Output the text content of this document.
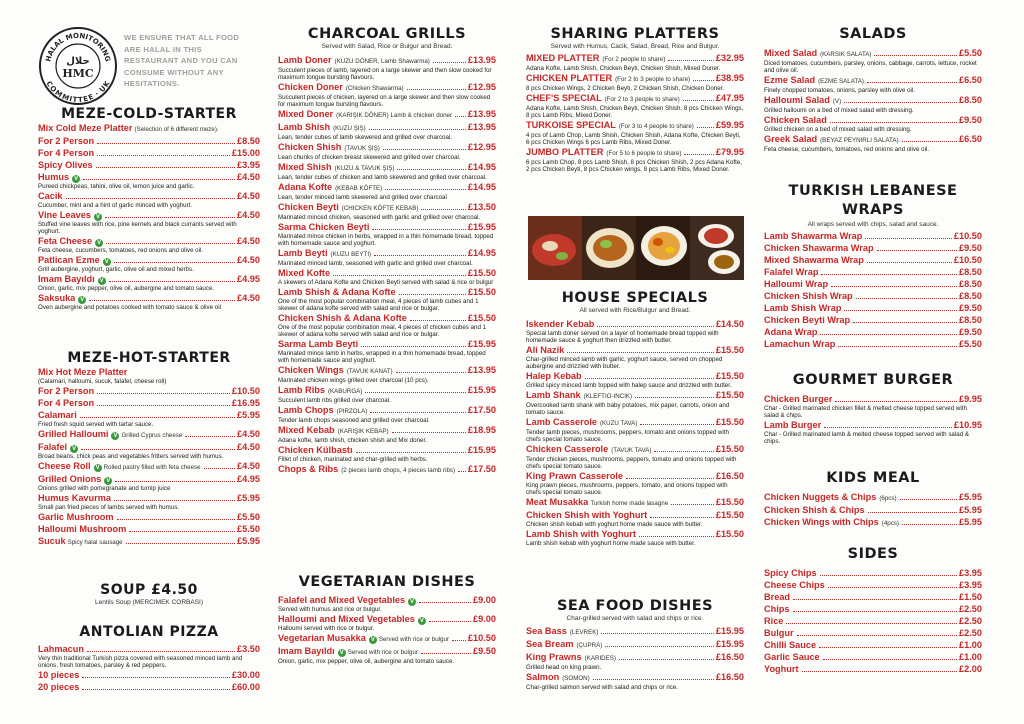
HALAL MONITORING
COMMITTEE · UK
حلال
HMC
WE ENSURE THAT ALL FOOD ARE HALAL IN THIS RESTAURANT AND YOU CAN CONSUME WITHOUT ANY HESITATIONS.
MEZE-COLD-STARTER
Mix Cold Meze Platter (Selection of 6 different meze).
For 2 Person	£8.50
For 4 Person	£15.00
Spicy Olives	£3.95
Humus V	£4.50
Pureed chickpeas, tahini, olive oil, lemon juice and garlic.
Cacik	£4.50
Cucumber, mint and a hint of garlic minced with yoghurt.
Vine Leaves V	£4.50
Stuffed vine leaves with rice, pine kernels and black currants served with yoghurt.
Feta Cheese V	£4.50
Feta cheese, cucumbers, tomatoes, red onions and olive oil.
Patlican Ezme V	£4.50
Grill aubergine, yoghurt, garlic, olive oil and mixed herbs.
Imam Bayıldı V	£4.95
Onion, garlic, mix pepper, olive oil, aubergine and tomato sauce.
Saksuka V	£4.50
Oven aubergine and potatoes cooked with tomato sauce & olive oil
MEZE-HOT-STARTER
Mix Hot Meze Platter
(Calamari, halloumi, sucuk, falafel, cheese roll)
For 2 Person	£10.50
For 4 Person	£16.95
Calamari	£5.95
Fried fresh squid served with tartar sauce.
Grilled Halloumi V Grilled Cyprus cheese	£4.50
Falafel V	£4.50
Broad beans, chick peas and vegetables fritters served with humus.
Cheese Roll V Rolled pastry filled with feta cheese	£4.50
Grilled Onions V	£4.95
Onions grilled with pomegranate and turnip juice
Humus Kavurma	£5.95
Small pan fried pieces of lambs served with humus.
Garlic Mushroom	£5.50
Halloumi Mushroom	£5.50
Sucuk Spicy halal sausage	£5.95
SOUP £4.50
Lentils Soup (MERCIMEK CORBASI)
ANTOLIAN PIZZA
Lahmacun	£3.50
Very thin traditional Turkish pizza covered with seasoned minced lamb and onions, fresh tomatoes, parsley & red peppers.
10 pieces	£30.00
20 pieces	£60.00
CHARCOAL GRILLS
Served with Salad, Rice or Bulgur and Bread.
Lamb Doner (KUZU DÖNER, Lamb Shawarma)	£13.95
Succulent pieces of lamb, layered on a large skewer and then slow cooked for maximum tongue bursting flavours.
Chicken Doner (Chicken Shawarma)	£12.95
Succulent pieces of chicken, layered on a large skewer and then slow cooked for maximum tongue bursting flavours.
Mixed Doner (KARIŞIK DÖNER) Lamb & chicken doner £13.95
Lamb Shish (KUZU ŞIŞ)	£13.95
Lean, tender cubes of lamb skewered and grilled over charcoal.
Chicken Shish (TAVUK ŞIŞ)	£12.95
Lean chunks of chicken breast skewered and grilled over charcoal.
Mixed Shish (KUZU & TAVUK ŞIŞ)	£14.95
Lean, tender cubes of chicken and lamb skewered and grilled over charcoal.
Adana Kofte (KEBAB KÖFTE)	£14.95
Lean, tender minced lamb skewered and grilled over charcoal
Chicken Beyti (CHICKEN KÖFTE KEBAB)	£13.50
Marinated minced chicken, seasoned with garlic and grilled over charcoal.
Sarma Chicken Beyti	£15.95
Marinated mince chicken in herbs, wrapped in a thin homemade bread, topped with homemade sauce and yoghurt.
Lamb Beyti (KUZU BEYTI)	£14.95
Marinated minced lamb, seasoned with garlic and grilled over charcoal.
Mixed Kofte	£15.50
A skewers of Adana Kofte and Chicken Beyti served with salad & rice or bulgur
Lamb Shish & Adana Kofte	£15.50
One of the most popular combination meal, 4 pieces of lamb cubes and 1 skewer of adana kofte served with salad and rice or bulgar.
Chicken Shish & Adana Kofte	£15.50
One of the most popular combination meal, 4 pieces of chicken cubes and 1 skewer of adana kofte served with salad and rice or bulgar.
Sarma Lamb Beyti	£15.95
Marinated mince lamb in herbs, wrapped in a thin homemade bread, topped with homemade sauce and yoghurt.
Chicken Wings (TAVUK KANAT)	£13.95
Marinated chicken wings grilled over charcoal (10 pcs).
Lamb Ribs (KABURGA)	£15.95
Succulent lamb ribs grilled over charcoal.
Lamb Chops (PIRZOLA)	£17.50
Tender lamb chops seasoned and grilled over charcoal.
Mixed Kebab (KARIŞIK KEBAP)	£18.95
Adana kofte, lamb shish, chicken shish and Mix doner.
Chicken Külbastı	£15.95
Fillet of chicken, marinated and char-grilled with herbs.
Chops & Ribs (2 pieces lamb chops, 4 pieces lamb ribs) £17.50
VEGETARIAN DISHES
Falafel and Mixed Vegetables V	£9.00
Served with humus and rice or bulgur.
Halloumi and Mixed Vegetables V	£9.00
Halloumi served with rice or bulgur.
Vegetarian Musakka V Served with rice or bulgur £10.50
Imam Bayıldı V Served with rice or bulgur	£9.50
Onion, garlic, mix pepper, olive oil, aubergine and tomato sauce.
SHARING PLATTERS
Served with Humus, Cacik, Salad, Bread, Rice and Bulgur.
MIXED PLATTER (For 2 people to share)	£32.95
Adana Kofte, Lamb Shish, Chicken Beyti, Chicken Shish, Mixed Doner.
CHICKEN PLATTER (For 2 to 3 people to share)	£38.95
8 pcs Chicken Wings, 2 Chicken Beyti, 2 Chicken Shish, Chicken Doner.
CHEF'S SPECIAL (For 2 to 3 people to share)	£47.95
Adana Kofte, Lamb Shish, Chicken Beyti, Chicken Shish, 8 pcs Chicken Wings, 8 pcs Lamb Ribs, Mixed Doner.
TURKOISE SPECIAL (For 3 to 4 people to share) £59.95
4 pcs of Lamb Chop, Lamb Shish, Chicken Shish, Adana Kofte, Chicken Beyti, 6 pcs Chicken Wings 6 pcs Lamb Ribs, Mixed Doner.
JUMBO PLATTER (For 5 to 6 people to share)	£79.95
6 pcs Lamb Chop, 8 pcs Lamb Shish, 8 pcs Chicken Shish, 2 pcs Adana Kofte, 2 pcs Chicken Beyti, 8 pcs Chicken wings, 8 pcs Lamb Ribs, Mixed Doner.
HOUSE SPECIALS
All served with Rice/Bulgur and Bread.
Iskender Kebab	£14.50
Special lamb doner served on a layer of homemade bread topped with homemade sauce & yoghurt then drizzled with butter.
Ali Nazik	£15.50
Char-grilled minced lamb with garlic, yoghurt sauce, served on chopped aubergine and drizzled with butter.
Halep Kebab	£15.50
Grilled spicy minced lamb topped with halep sauce and drizzled with butter.
Lamb Shank (KLEFTIO-INCIK)	£15.50
Overcooked lamb shank with baby potatoes, mix paper, carrots, onion and tomato sauce.
Lamb Casserole (KUZU TAVA)	£15.50
Tender lamb pieces, mushrooms, peppers, tomato and onions topped with chefs special tomato sauce.
Chicken Casserole (TAVUK TAVA)	£15.50
Tender chicken pieces, mushrooms, peppers, tomato and onions topped with chefs special tomato sauce.
King Prawn Casserole	£16.50
King prawn pieces, mushrooms, peppers, tomato, and onions topped with chefs special tomato sauce.
Meat Musakka Turkish home made lasagne	£15.50
Chicken Shish with Yoghurt	£15.50
Chicken shish kebab with yoghurt home made sauce with butter.
Lamb Shish with Yoghurt	£15.50
Lamb shish kebab with yoghurt home made sauce with butter.
SEA FOOD DISHES
Char-grilled served with salad and chips or rice.
Sea Bass (LEVREK)	£15.95
Sea Bream (ÇUPRA)	£15.95
King Prawns (KARIDES)	£16.50
Grilled head on king prawn.
Salmon (SOMON)	£16.50
Char-grilled salmon served with salad and chips or rice.
SALADS
Mixed Salad (KARSIK SALATA)	£5.50
Diced tomatoes, cucumbers, parsley, onions, cabbage, carrots, lettuce, rocket and olive oil.
Ezme Salad (EZME SALATA)	£6.50
Finely chopped tomatoes, onions, parsley with olive oil.
Halloumi Salad (V)	£8.50
Grilled halloumi on a bed of mixed salad with dressing.
Chicken Salad	£9.50
Grilled chicken on a bed of mixed salad with dressing.
Greek Salad (BEYAZ PEYNIRLI SALATA)	£6.50
Feta cheese, cucumbers, tomatoes, red onions and olive oil.
TURKISH LEBANESE
WRAPS
All wraps served with chips, salad and sauce.
Lamb Shawarma Wrap	£10.50
Chicken Shawarma Wrap	£9.50
Mixed Shawarma Wrap	£10.50
Falafel Wrap	£8.50
Halloumi Wrap	£8.50
Chicken Shish Wrap	£8.50
Lamb Shish Wrap	£9.50
Chicken Beyti Wrap	£8.50
Adana Wrap	£9.50
Lamachun Wrap	£5.50
GOURMET BURGER
Chicken Burger	£9.95
Char - Grilled marinated chicken fillet & melted cheese topped served with salad & chips.
Lamb Burger	£10.95
Char - Grilled marinated lamb & melted cheese topped served with salad & chips.
KIDS MEAL
Chicken Nuggets & Chips (6pcs)	£5.95
Chicken Shish & Chips	£5.95
Chicken Wings with Chips (4pcs)	£5.95
SIDES
Spicy Chips	£3.95
Cheese Chips	£3.95
Bread	£1.50
Chips	£2.50
Rice	£2.50
Bulgur	£2.50
Chilli Sauce	£1.00
Garlic Sauce	£1.00
Yoghurt	£2.00
